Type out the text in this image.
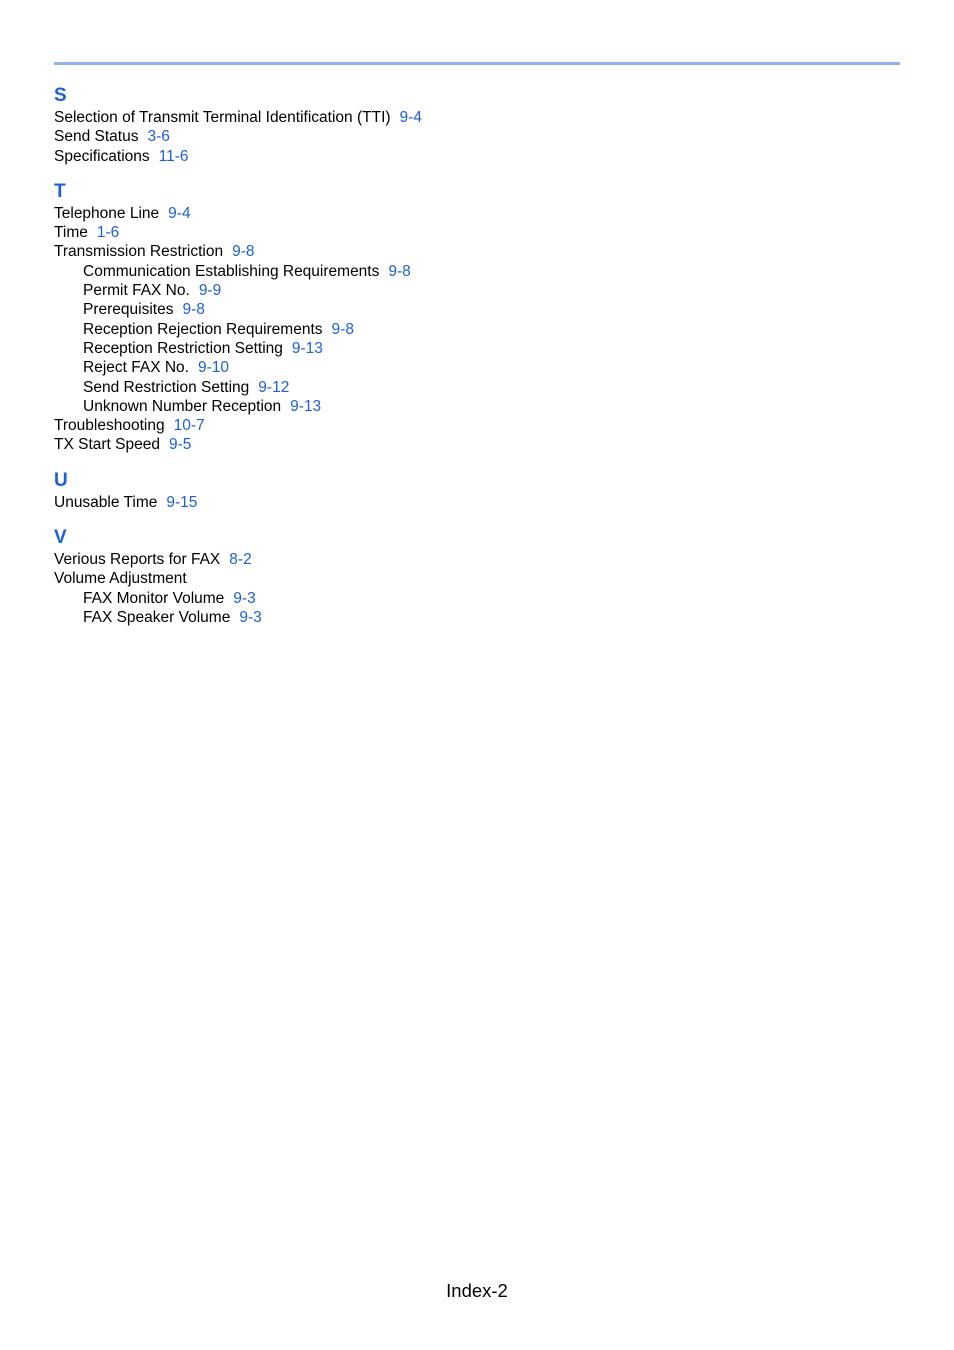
S
Selection of Transmit Terminal Identification (TTI) 9-4
Send Status 3-6
Specifications 11-6
T
Telephone Line 9-4
Time 1-6
Transmission Restriction 9-8
Communication Establishing Requirements 9-8
Permit FAX No. 9-9
Prerequisites 9-8
Reception Rejection Requirements 9-8
Reception Restriction Setting 9-13
Reject FAX No. 9-10
Send Restriction Setting 9-12
Unknown Number Reception 9-13
Troubleshooting 10-7
TX Start Speed 9-5
U
Unusable Time 9-15
V
Verious Reports for FAX 8-2
Volume Adjustment
FAX Monitor Volume 9-3
FAX Speaker Volume 9-3
Index-2
